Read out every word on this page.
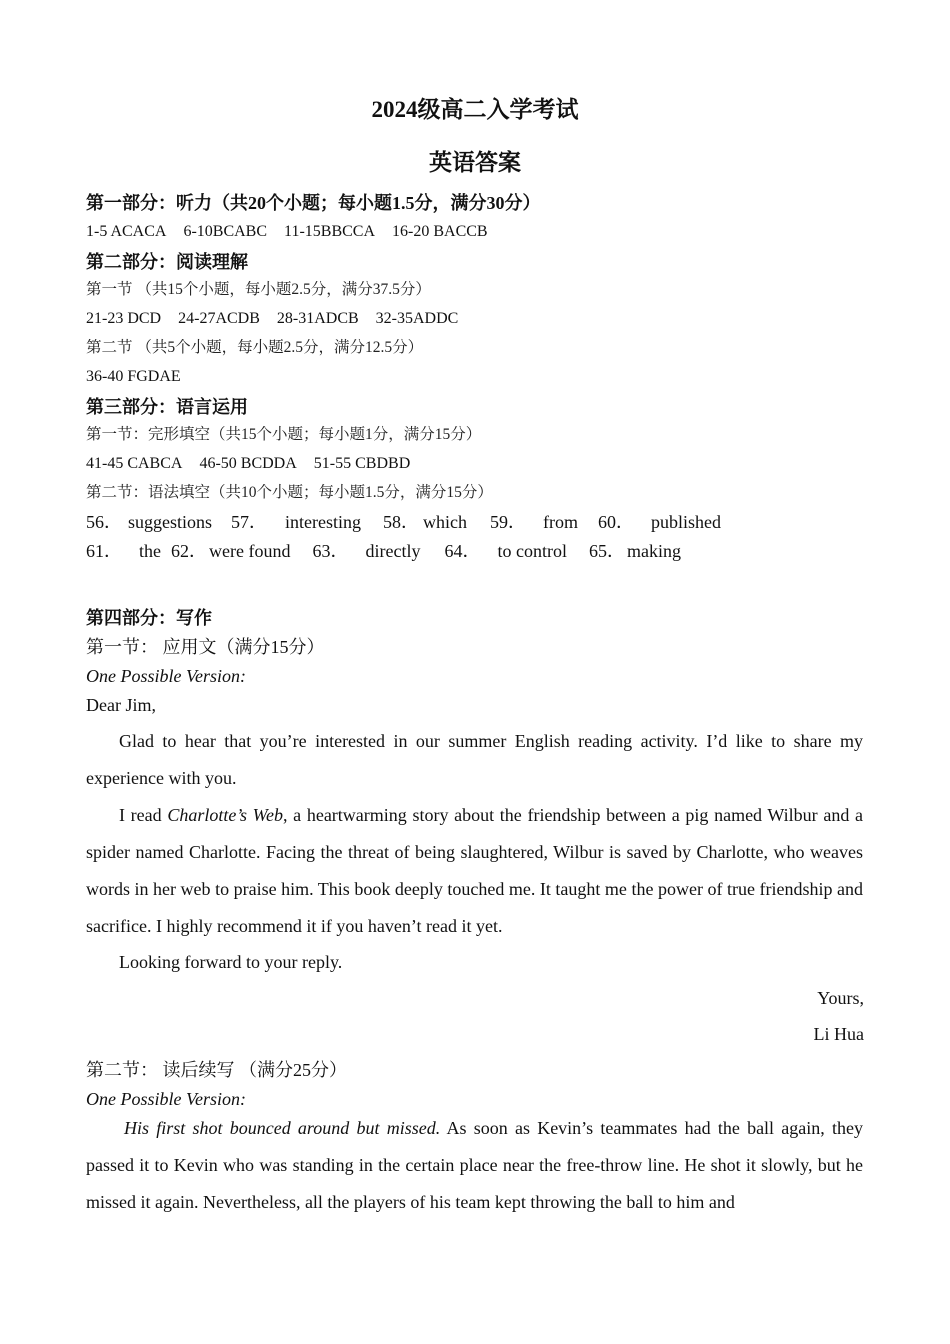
2024级高二入学考试
英语答案
第一部分：听力（共20个小题；每小题1.5分，满分30分）
1-5 ACACA 6-10BCABC 11-15BBCCA 16-20 BACCB
第二部分：阅读理解
第一节 （共15个小题，每小题2.5分，满分37.5分）
21-23 DCD 24-27ACDB 28-31ADCB 32-35ADDC
第二节 （共5个小题，每小题2.5分，满分12.5分）
36-40 FGDAE
第三部分：语言运用
第一节：完形填空（共15个小题；每小题1分，满分15分）
41-45 CABCA 46-50 BCDDA 51-55 CBDBD
第二节：语法填空（共10个小题；每小题1.5分，满分15分）
56． suggestions 57． interesting 58． which 59． from 60． published
61． the 62． were found 63． directly 64． to control 65． making
第四部分：写作
第一节： 应用文（满分15分）
One Possible Version:
Dear Jim,
Glad to hear that you’re interested in our summer English reading activity. I’d like to share my experience with you.
I read Charlotte’s Web, a heartwarming story about the friendship between a pig named Wilbur and a spider named Charlotte. Facing the threat of being slaughtered, Wilbur is saved by Charlotte, who weaves words in her web to praise him. This book deeply touched me. It taught me the power of true friendship and sacrifice. I highly recommend it if you haven’t read it yet.
Looking forward to your reply.
Yours,
Li Hua
第二节： 读后续写 （满分25分）
One Possible Version:
His first shot bounced around but missed. As soon as Kevin’s teammates had the ball again, they passed it to Kevin who was standing in the certain place near the free-throw line. He shot it slowly, but he missed it again. Nevertheless, all the players of his team kept throwing the ball to him and
